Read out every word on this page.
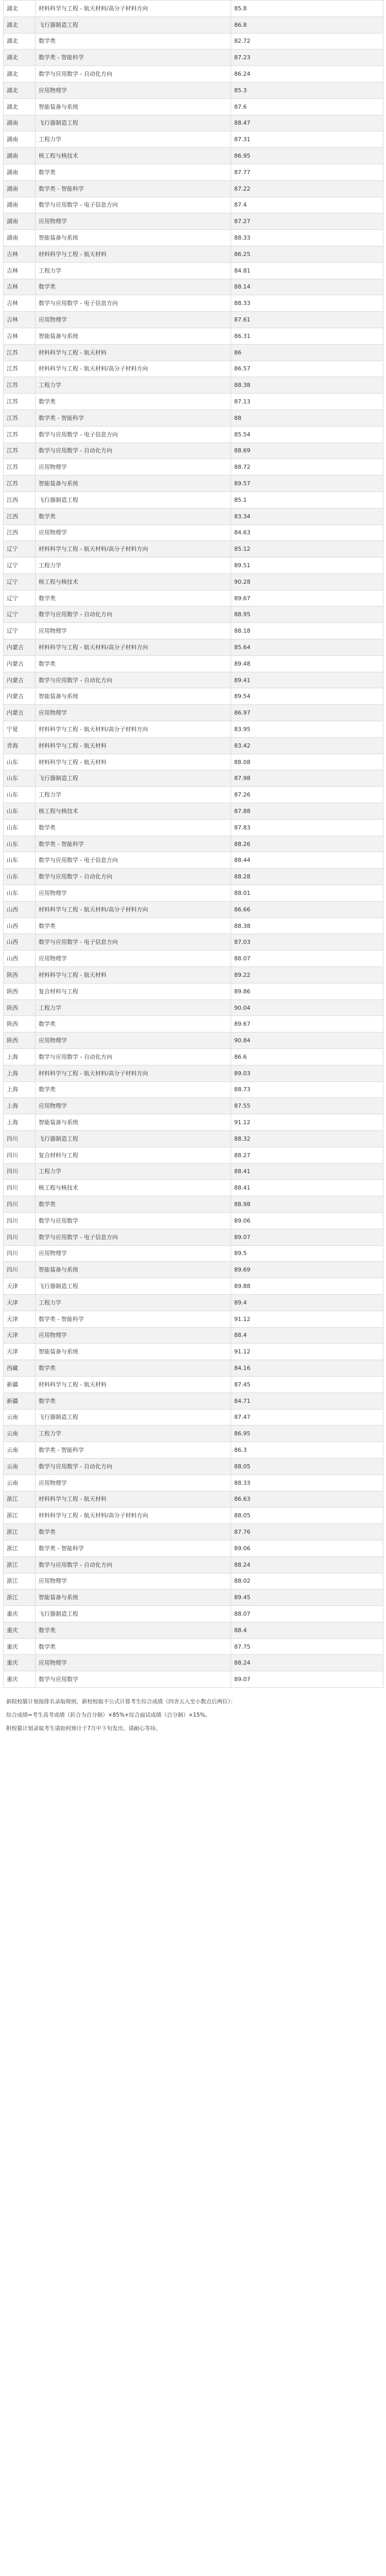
湖北	材料科学与工程 - 航天材料/高分子材料方向	85.8
湖北	飞行器制造工程	86.8
湖北	数学类	82.72
湖北	数学类 - 智能科学	87.23
湖北	数学与应用数学 - 自动化方向	86.24
湖北	应用物理学	85.3
湖北	智能装备与系统	87.6
湖南	飞行器制造工程	88.47
湖南	工程力学	87.31
湖南	核工程与核技术	86.95
湖南	数学类	87.77
湖南	数学类 - 智能科学	87.22
湖南	数学与应用数学 - 电子信息方向	87.4
湖南	应用物理学	87.27
湖南	智能装备与系统	88.33
吉林	材料科学与工程 - 航天材料	86.25
吉林	工程力学	84.81
吉林	数学类	88.14
吉林	数学与应用数学 - 电子信息方向	88.33
吉林	应用物理学	87.61
吉林	智能装备与系统	86.31
江苏	材料科学与工程 - 航天材料	86
江苏	材料科学与工程 - 航天材料/高分子材料方向	86.57
江苏	工程力学	88.38
江苏	数学类	87.13
江苏	数学类 - 智能科学	88
江苏	数学与应用数学 - 电子信息方向	85.54
江苏	数学与应用数学 - 自动化方向	88.69
江苏	应用物理学	88.72
江苏	智能装备与系统	89.57
江西	飞行器制造工程	85.1
江西	数学类	83.34
江西	应用物理学	84.63
辽宁	材料科学与工程 - 航天材料/高分子材料方向	85.12
辽宁	工程力学	89.51
辽宁	核工程与核技术	90.28
辽宁	数学类	89.67
辽宁	数学与应用数学 - 自动化方向	88.95
辽宁	应用物理学	88.18
内蒙古	材料科学与工程 - 航天材料/高分子材料方向	85.64
内蒙古	数学类	89.48
内蒙古	数学与应用数学 - 自动化方向	89.41
内蒙古	智能装备与系统	89.54
内蒙古	应用物理学	86.97
宁夏	材料科学与工程 - 航天材料/高分子材料方向	83.95
青海	材料科学与工程 - 航天材料	83.42
山东	材料科学与工程 - 航天材料	88.08
山东	飞行器制造工程	87.98
山东	工程力学	87.26
山东	核工程与核技术	87.88
山东	数学类	87.83
山东	数学类 - 智能科学	88.26
山东	数学与应用数学 - 电子信息方向	88.44
山东	数学与应用数学 - 自动化方向	88.28
山东	应用物理学	88.01
山西	材料科学与工程 - 航天材料/高分子材料方向	86.66
山西	数学类	88.38
山西	数学与应用数学 - 电子信息方向	87.03
山西	应用物理学	88.07
陕西	材料科学与工程 - 航天材料	89.22
陕西	复合材料与工程	89.86
陕西	工程力学	90.04
陕西	数学类	89.67
陕西	应用物理学	90.84
上海	数学与应用数学 - 自动化方向	86.6
上海	材料科学与工程 - 航天材料/高分子材料方向	89.03
上海	数学类	88.73
上海	应用物理学	87.55
上海	智能装备与系统	91.12
四川	飞行器制造工程	88.32
四川	复合材料与工程	88.27
四川	工程力学	88.41
四川	核工程与核技术	88.41
四川	数学类	88.98
四川	数学与应用数学	89.06
四川	数学与应用数学 - 电子信息方向	89.07
四川	应用物理学	89.5
四川	智能装备与系统	89.69
天津	飞行器制造工程	89.88
天津	工程力学	89.4
天津	数学类 - 智能科学	91.12
天津	应用物理学	88.4
天津	智能装备与系统	91.12
西藏	数学类	84.16
新疆	材料科学与工程 - 航天材料	87.45
新疆	数学类	84.71
云南	飞行器制造工程	87.47
云南	工程力学	86.95
云南	数学类 - 智能科学	86.3
云南	数学与应用数学 - 自动化方向	88.05
云南	应用物理学	88.33
浙江	材料科学与工程 - 航天材料	86.63
浙江	材料科学与工程 - 航天材料/高分子材料方向	88.05
浙江	数学类	87.76
浙江	数学类 - 智能科学	89.06
浙江	数学与应用数学 - 自动化方向	88.24
浙江	应用物理学	88.02
浙江	智能装备与系统	89.45
重庆	飞行器制造工程	88.07
重庆	数学类	88.4
重庆	数学类	87.75
重庆	应用物理学	88.24
重庆	数学与应用数学	89.07

新院校篡计划按排名录取规则，新校校取不公式计算考生综合成绩（四舍五入至小数点后两位）：

综合成绩=考生高考成绩（折合为百分制）×85%+综合面试成绩（百分制）×15%。

附校篡计划录取考生请如何预计于7月中下旬发出，请耐心等待。
